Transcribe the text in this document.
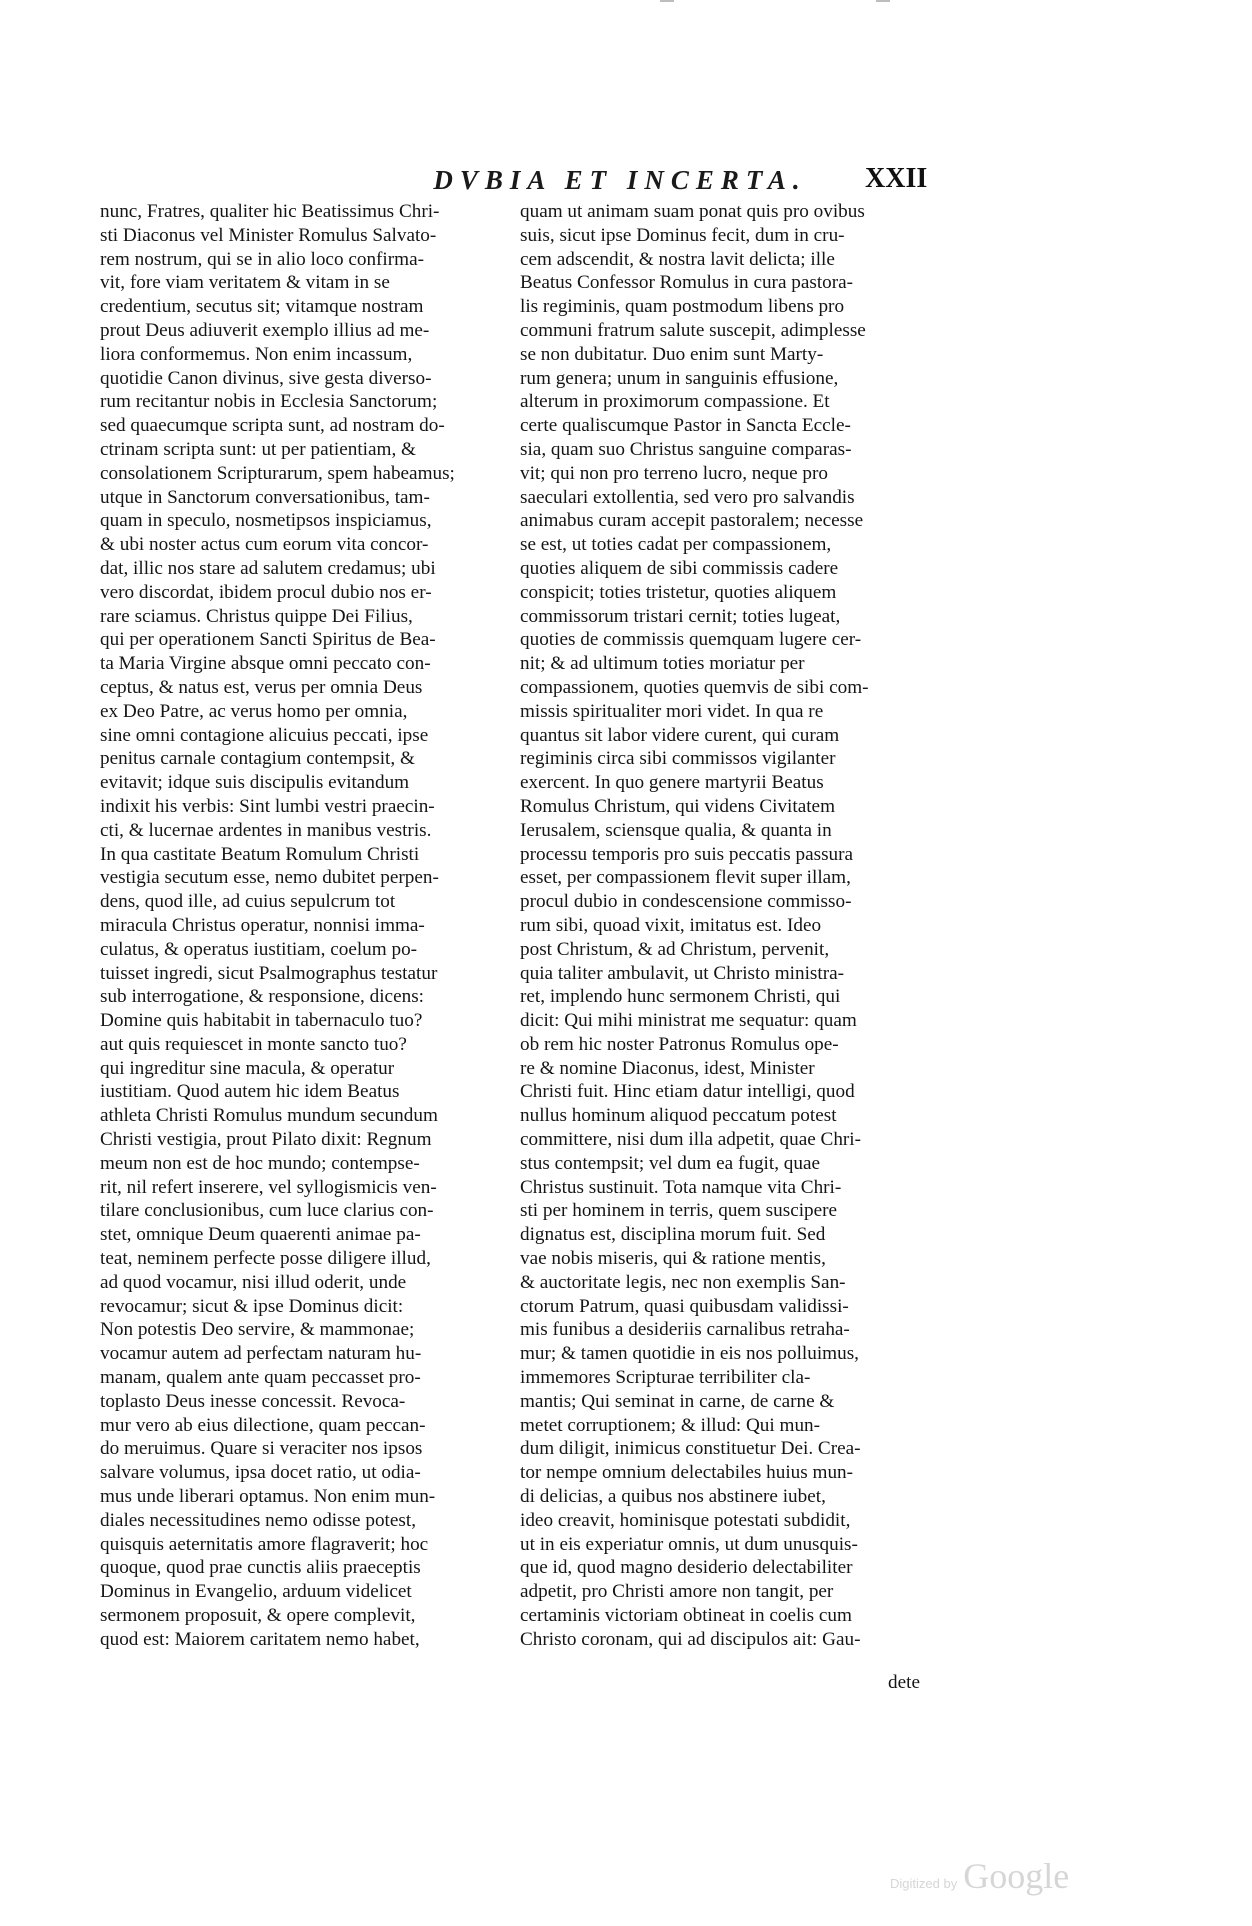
DVBIA ET INCERTA.	XXII
nunc, Fratres, qualiter hic Beatissimus Chri-
sti Diaconus vel Minister Romulus Salvato-
rem nostrum, qui se in alio loco confirma-
vit, fore viam veritatem & vitam in se
credentium, secutus sit; vitamque nostram
prout Deus adiuverit exemplo illius ad me-
liora conformemus. Non enim incassum,
quotidie Canon divinus, sive gesta diverso-
rum recitantur nobis in Ecclesia Sanctorum;
sed quaecumque scripta sunt, ad nostram do-
ctrinam scripta sunt: ut per patientiam, &
consolationem Scripturarum, spem habeamus;
utque in Sanctorum conversationibus, tam-
quam in speculo, nosmetipsos inspiciamus,
& ubi noster actus cum eorum vita concor-
dat, illic nos stare ad salutem credamus; ubi
vero discordat, ibidem procul dubio nos er-
rare sciamus. Christus quippe Dei Filius,
qui per operationem Sancti Spiritus de Bea-
ta Maria Virgine absque omni peccato con-
ceptus, & natus est, verus per omnia Deus
ex Deo Patre, ac verus homo per omnia,
sine omni contagione alicuius peccati, ipse
penitus carnale contagium contempsit, &
evitavit; idque suis discipulis evitandum
indixit his verbis: Sint lumbi vestri praecin-
cti, & lucernae ardentes in manibus vestris.
In qua castitate Beatum Romulum Christi
vestigia secutum esse, nemo dubitet perpen-
dens, quod ille, ad cuius sepulcrum tot
miracula Christus operatur, nonnisi imma-
culatus, & operatus iustitiam, coelum po-
tuisset ingredi, sicut Psalmographus testatur
sub interrogatione, & responsione, dicens:
Domine quis habitabit in tabernaculo tuo?
aut quis requiescet in monte sancto tuo?
qui ingreditur sine macula, & operatur
iustitiam. Quod autem hic idem Beatus
athleta Christi Romulus mundum secundum
Christi vestigia, prout Pilato dixit: Regnum
meum non est de hoc mundo; contempse-
rit, nil refert inserere, vel syllogismicis ven-
tilare conclusionibus, cum luce clarius con-
stet, omnique Deum quaerenti animae pa-
teat, neminem perfecte posse diligere illud,
ad quod vocamur, nisi illud oderit, unde
revocamur; sicut & ipse Dominus dicit:
Non potestis Deo servire, & mammonae;
vocamur autem ad perfectam naturam hu-
manam, qualem ante quam peccasset pro-
toplasto Deus inesse concessit. Revoca-
mur vero ab eius dilectione, quam peccan-
do meruimus. Quare si veraciter nos ipsos
salvare volumus, ipsa docet ratio, ut odia-
mus unde liberari optamus. Non enim mun-
diales necessitudines nemo odisse potest,
quisquis aeternitatis amore flagraverit; hoc
quoque, quod prae cunctis aliis praeceptis
Dominus in Evangelio, arduum videlicet
sermonem proposuit, & opere complevit,
quod est: Maiorem caritatem nemo habet,
quam ut animam suam ponat quis pro ovibus
suis, sicut ipse Dominus fecit, dum in cru-
cem adscendit, & nostra lavit delicta; ille
Beatus Confessor Romulus in cura pastora-
lis regiminis, quam postmodum libens pro
communi fratrum salute suscepit, adimplesse
se non dubitatur. Duo enim sunt Marty-
rum genera; unum in sanguinis effusione,
alterum in proximorum compassione. Et
certe qualiscumque Pastor in Sancta Eccle-
sia, quam suo Christus sanguine comparas-
vit; qui non pro terreno lucro, neque pro
saeculari extollentia, sed vero pro salvandis
animabus curam accepit pastoralem; necesse
se est, ut toties cadat per compassionem,
quoties aliquem de sibi commissis cadere
conspicit; toties tristetur, quoties aliquem
commissorum tristari cernit; toties lugeat,
quoties de commissis quemquam lugere cer-
nit; & ad ultimum toties moriatur per
compassionem, quoties quemvis de sibi com-
missis spiritualiter mori videt. In qua re
quantus sit labor videre curent, qui curam
regiminis circa sibi commissos vigilanter
exercent. In quo genere martyrii Beatus
Romulus Christum, qui videns Civitatem
Ierusalem, sciensque qualia, & quanta in
processu temporis pro suis peccatis passura
esset, per compassionem flevit super illam,
procul dubio in condescensione commisso-
rum sibi, quoad vixit, imitatus est. Ideo
post Christum, & ad Christum, pervenit,
quia taliter ambulavit, ut Christo ministra-
ret, implendo hunc sermonem Christi, qui
dicit: Qui mihi ministrat me sequatur: quam
ob rem hic noster Patronus Romulus ope-
re & nomine Diaconus, idest, Minister
Christi fuit. Hinc etiam datur intelligi, quod
nullus hominum aliquod peccatum potest
committere, nisi dum illa adpetit, quae Chri-
stus contempsit; vel dum ea fugit, quae
Christus sustinuit. Tota namque vita Chri-
sti per hominem in terris, quem suscipere
dignatus est, disciplina morum fuit. Sed
vae nobis miseris, qui & ratione mentis,
& auctoritate legis, nec non exemplis San-
ctorum Patrum, quasi quibusdam validissi-
mis funibus a desideriis carnalibus retraha-
mur; & tamen quotidie in eis nos polluimus,
immemores Scripturae terribiliter cla-
mantis; Qui seminat in carne, de carne &
metet corruptionem; & illud: Qui mun-
dum diligit, inimicus constituetur Dei. Crea-
tor nempe omnium delectabiles huius mun-
di delicias, a quibus nos abstinere iubet,
ideo creavit, hominisque potestati subdidit,
ut in eis experiatur omnis, ut dum unusquis-
que id, quod magno desiderio delectabiliter
adpetit, pro Christi amore non tangit, per
certaminis victoriam obtineat in coelis cum
Christo coronam, qui ad discipulos ait: Gau-
dete
Digitized by Google
